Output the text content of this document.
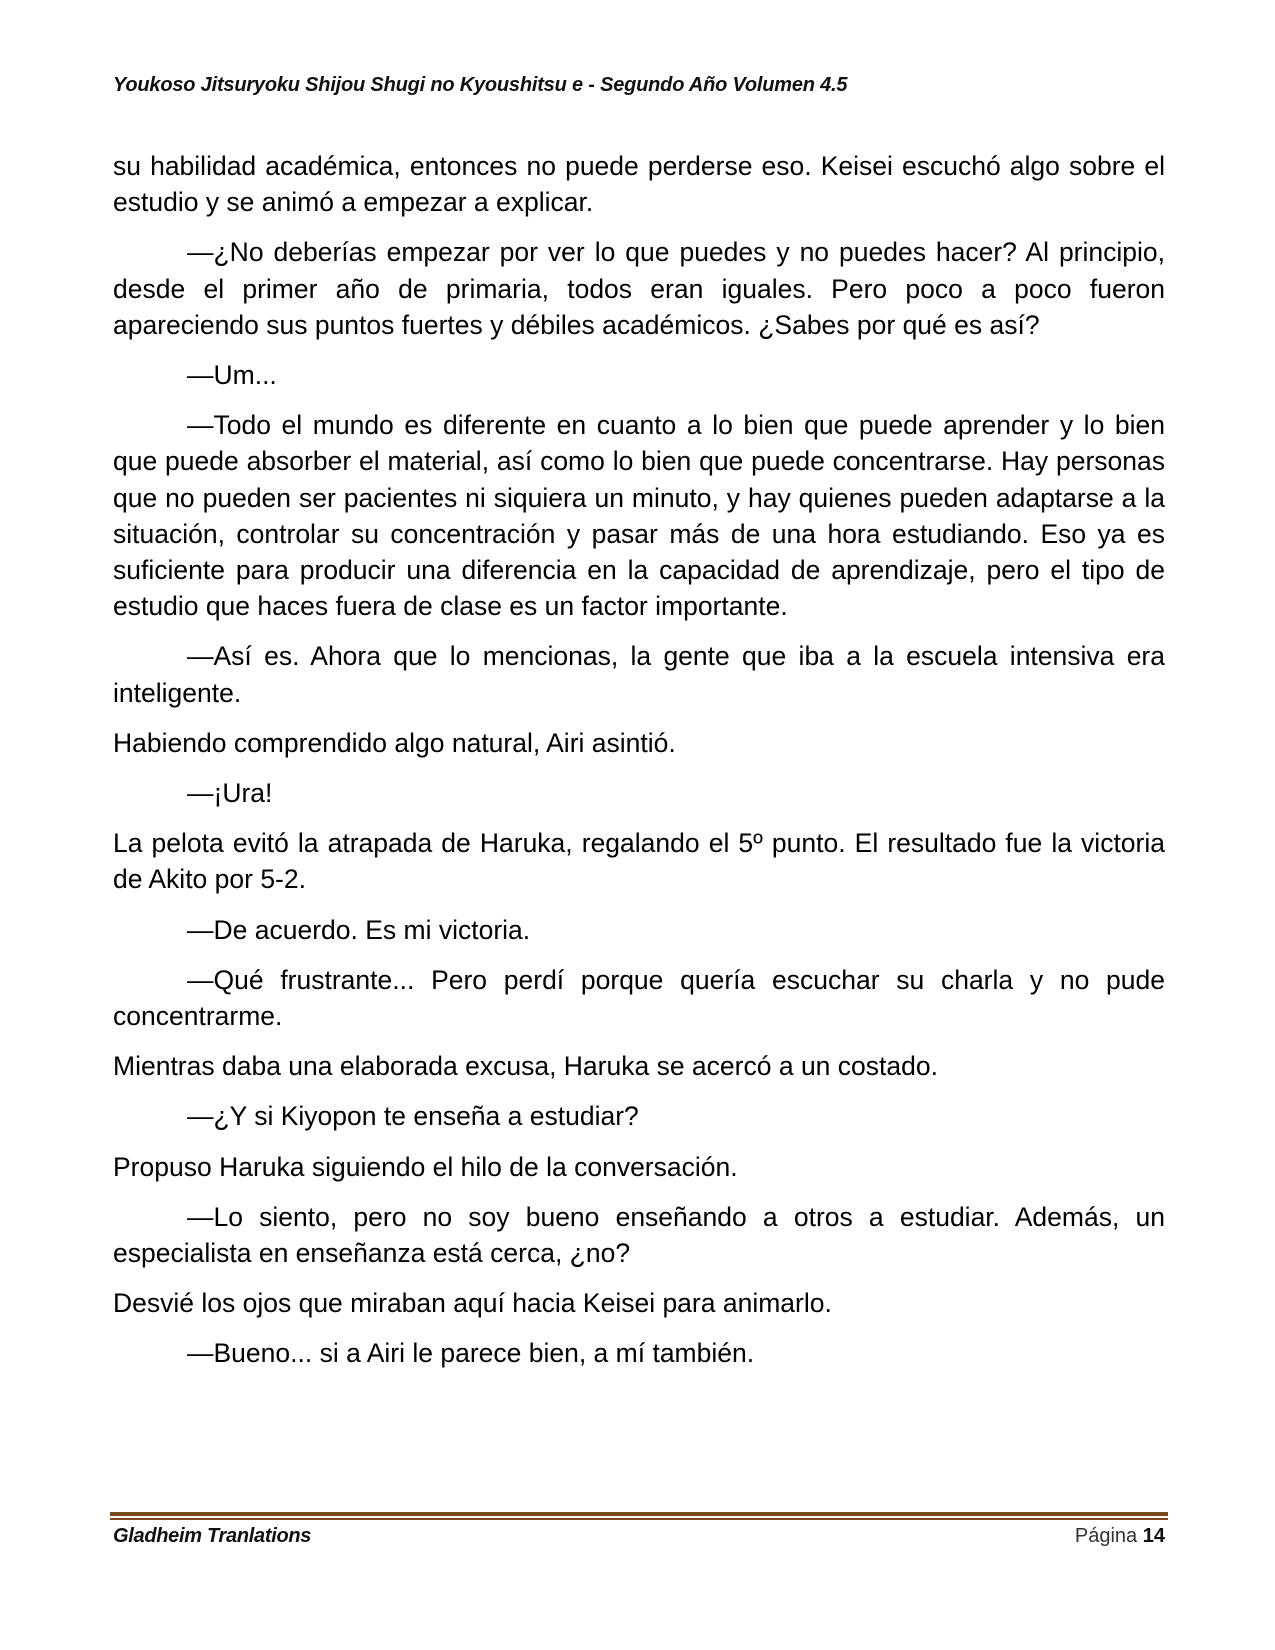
Youkoso Jitsuryoku Shijou Shugi no Kyoushitsu e - Segundo Año Volumen 4.5

su habilidad académica, entonces no puede perderse eso. Keisei escuchó algo sobre el estudio y se animó a empezar a explicar.

—¿No deberías empezar por ver lo que puedes y no puedes hacer? Al principio, desde el primer año de primaria, todos eran iguales. Pero poco a poco fueron apareciendo sus puntos fuertes y débiles académicos. ¿Sabes por qué es así?

—Um...

—Todo el mundo es diferente en cuanto a lo bien que puede aprender y lo bien que puede absorber el material, así como lo bien que puede concentrarse. Hay personas que no pueden ser pacientes ni siquiera un minuto, y hay quienes pueden adaptarse a la situación, controlar su concentración y pasar más de una hora estudiando. Eso ya es suficiente para producir una diferencia en la capacidad de aprendizaje, pero el tipo de estudio que haces fuera de clase es un factor importante.

—Así es. Ahora que lo mencionas, la gente que iba a la escuela intensiva era inteligente.

Habiendo comprendido algo natural, Airi asintió.

—¡Ura!

La pelota evitó la atrapada de Haruka, regalando el 5º punto. El resultado fue la victoria de Akito por 5-2.

—De acuerdo. Es mi victoria.

—Qué frustrante... Pero perdí porque quería escuchar su charla y no pude concentrarme.

Mientras daba una elaborada excusa, Haruka se acercó a un costado.

—¿Y si Kiyopon te enseña a estudiar?

Propuso Haruka siguiendo el hilo de la conversación.

—Lo siento, pero no soy bueno enseñando a otros a estudiar. Además, un especialista en enseñanza está cerca, ¿no?

Desvié los ojos que miraban aquí hacia Keisei para animarlo.

—Bueno... si a Airi le parece bien, a mí también.

Gladheim Tranlations	Página 14
